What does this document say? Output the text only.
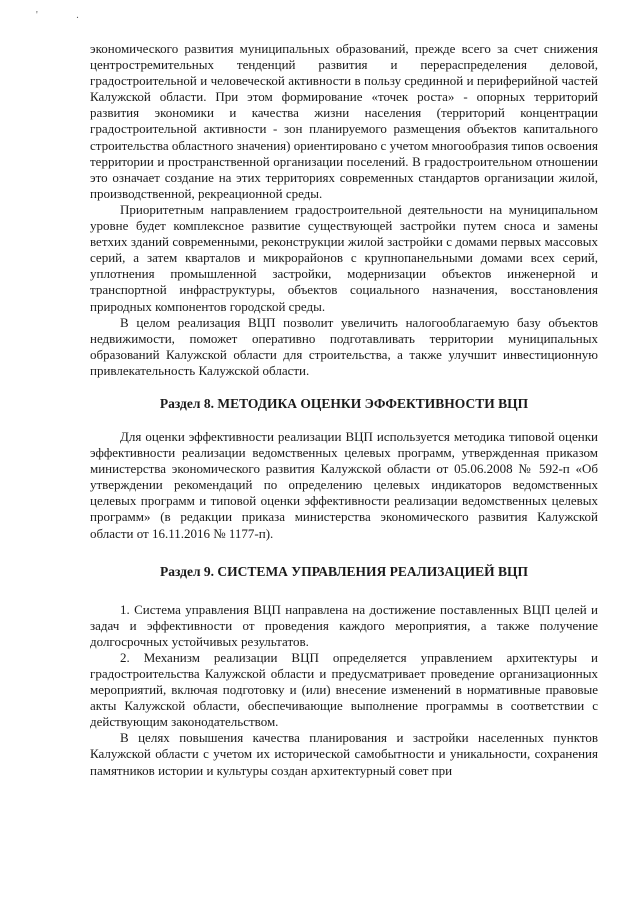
' .

экономического развития муниципальных образований, прежде всего за счет снижения центростремительных тенденций развития и перераспределения деловой, градостроительной и человеческой активности в пользу срединной и периферийной частей Калужской области. При этом формирование «точек роста» - опорных территорий развития экономики и качества жизни населения (территорий концентрации градостроительной активности - зон планируемого размещения объектов капитального строительства областного значения) ориентировано с учетом многообразия типов освоения территории и пространственной организации поселений. В градостроительном отношении это означает создание на этих территориях современных стандартов организации жилой, производственной, рекреационной среды.

Приоритетным направлением градостроительной деятельности на муниципальном уровне будет комплексное развитие существующей застройки путем сноса и замены ветхих зданий современными, реконструкции жилой застройки с домами первых массовых серий, а затем кварталов и микрорайонов с крупнопанельными домами всех серий, уплотнения промышленной застройки, модернизации объектов инженерной и транспортной инфраструктуры, объектов социального назначения, восстановления природных компонентов городской среды.

В целом реализация ВЦП позволит увеличить налогооблагаемую базу объектов недвижимости, поможет оперативно подготавливать территории муниципальных образований Калужской области для строительства, а также улучшит инвестиционную привлекательность Калужской области.

Раздел 8. МЕТОДИКА ОЦЕНКИ ЭФФЕКТИВНОСТИ ВЦП

Для оценки эффективности реализации ВЦП используется методика типовой оценки эффективности реализации ведомственных целевых программ, утвержденная приказом министерства экономического развития Калужской области от 05.06.2008 № 592-п «Об утверждении рекомендаций по определению целевых индикаторов ведомственных целевых программ и типовой оценки эффективности реализации ведомственных целевых программ» (в редакции приказа министерства экономического развития Калужской области от 16.11.2016 № 1177-п).

Раздел 9. СИСТЕМА УПРАВЛЕНИЯ РЕАЛИЗАЦИЕЙ ВЦП

1. Система управления ВЦП направлена на достижение поставленных ВЦП целей и задач и эффективности от проведения каждого мероприятия, а также получение долгосрочных устойчивых результатов.

2. Механизм реализации ВЦП определяется управлением архитектуры и градостроительства Калужской области и предусматривает проведение организационных мероприятий, включая подготовку и (или) внесение изменений в нормативные правовые акты Калужской области, обеспечивающие выполнение программы в соответствии с действующим законодательством.

В целях повышения качества планирования и застройки населенных пунктов Калужской области с учетом их исторической самобытности и уникальности, сохранения памятников истории и культуры создан архитектурный совет при
